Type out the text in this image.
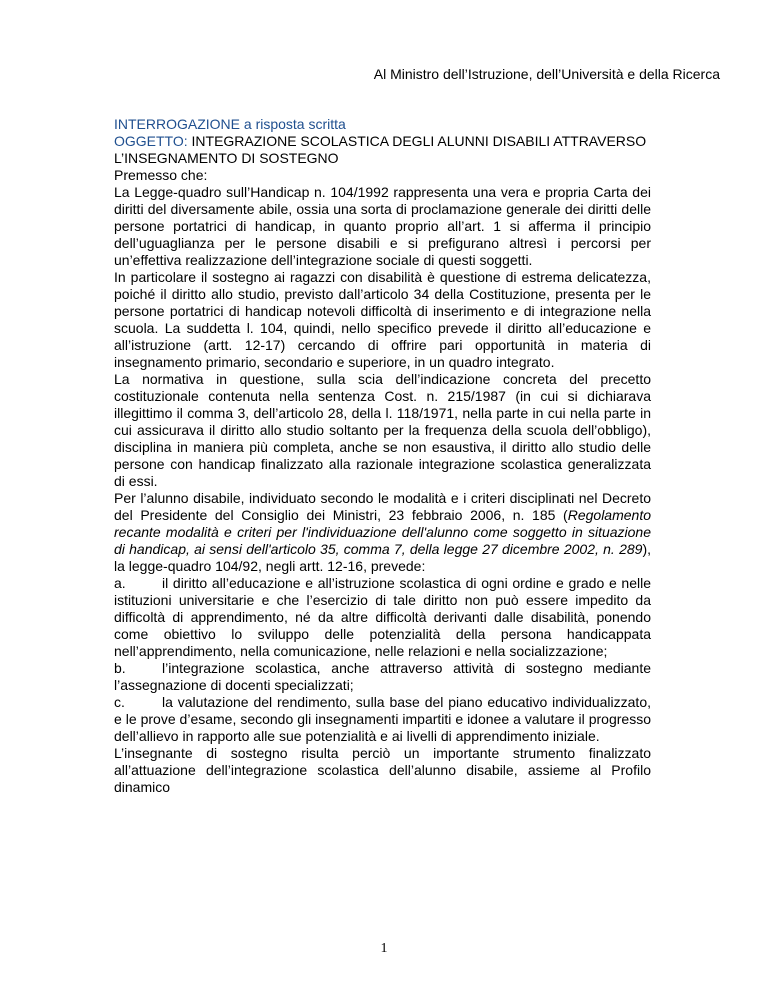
Al Ministro dell’Istruzione, dell’Università e della Ricerca

INTERROGAZIONE a risposta scritta

OGGETTO: INTEGRAZIONE SCOLASTICA DEGLI ALUNNI DISABILI ATTRAVERSO L’INSEGNAMENTO DI SOSTEGNO

Premesso che:

La Legge-quadro sull’Handicap n. 104/1992 rappresenta una vera e propria Carta dei diritti del diversamente abile, ossia una sorta di proclamazione generale dei diritti delle persone portatrici di handicap, in quanto proprio all’art. 1 si afferma il principio dell’uguaglianza per le persone disabili e si prefigurano altresì i percorsi per un’effettiva realizzazione dell’integrazione sociale di questi soggetti.

In particolare il sostegno ai ragazzi con disabilità è questione di estrema delicatezza, poiché il diritto allo studio, previsto dall’articolo 34 della Costituzione, presenta per le persone portatrici di handicap notevoli difficoltà di inserimento e di integrazione nella scuola. La suddetta l. 104, quindi, nello specifico prevede il diritto all’educazione e all’istruzione (artt. 12-17) cercando di offrire pari opportunità in materia di insegnamento primario, secondario e superiore, in un quadro integrato.

La normativa in questione, sulla scia dell’indicazione concreta del precetto costituzionale contenuta nella sentenza Cost. n. 215/1987 (in cui si dichiarava illegittimo il comma 3, dell’articolo 28, della l. 118/1971, nella parte in cui nella parte in cui assicurava il diritto allo studio soltanto per la frequenza della scuola dell’obbligo), disciplina in maniera più completa, anche se non esaustiva, il diritto allo studio delle persone con handicap finalizzato alla razionale integrazione scolastica generalizzata di essi.

Per l’alunno disabile, individuato secondo le modalità e i criteri disciplinati nel Decreto del Presidente del Consiglio dei Ministri, 23 febbraio 2006, n. 185 (Regolamento recante modalità e criteri per l'individuazione dell'alunno come soggetto in situazione di handicap, ai sensi dell'articolo 35, comma 7, della legge 27 dicembre 2002, n. 289), la legge-quadro 104/92, negli artt. 12-16, prevede:

a.	il diritto all’educazione e all’istruzione scolastica di ogni ordine e grado e nelle istituzioni universitarie e che l’esercizio di tale diritto non può essere impedito da difficoltà di apprendimento, né da altre difficoltà derivanti dalle disabilità, ponendo come obiettivo lo sviluppo delle potenzialità della persona handicappata nell’apprendimento, nella comunicazione, nelle relazioni e nella socializzazione;

b.	l’integrazione scolastica, anche attraverso attività di sostegno mediante l’assegnazione di docenti specializzati;

c.	la valutazione del rendimento, sulla base del piano educativo individualizzato, e le prove d’esame, secondo gli insegnamenti impartiti e idonee a valutare il progresso dell’allievo in rapporto alle sue potenzialità e ai livelli di apprendimento iniziale.

L’insegnante di sostegno risulta perciò un importante strumento finalizzato all’attuazione dell’integrazione scolastica dell’alunno disabile, assieme al Profilo dinamico

1
